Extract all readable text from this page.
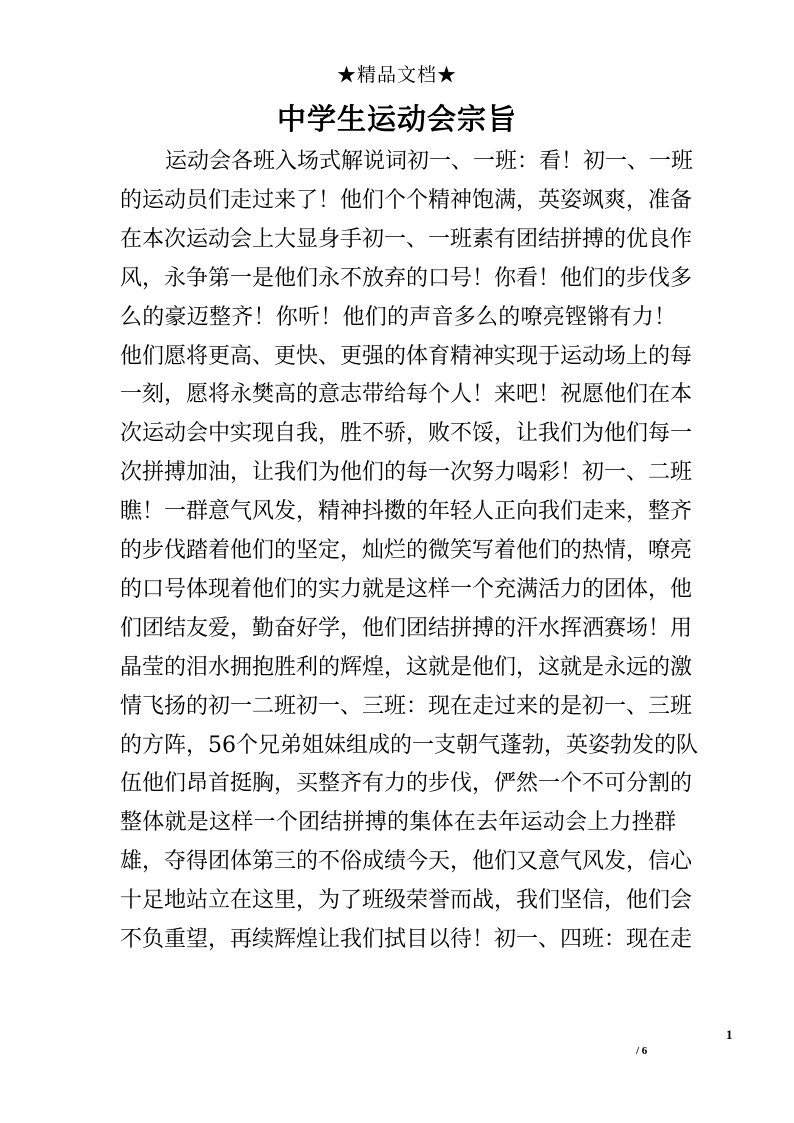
★精品文档★
中学生运动会宗旨
运动会各班入场式解说词初一、一班：看！初一、一班
的运动员们走过来了！他们个个精神饱满，英姿飒爽，准备
在本次运动会上大显身手初一、一班素有团结拼搏的优良作
风，永争第一是他们永不放弃的口号！你看！他们的步伐多
么的豪迈整齐！你听！他们的声音多么的嘹亮铿锵有力！
他们愿将更高、更快、更强的体育精神实现于运动场上的每
一刻，愿将永樊高的意志带给每个人！来吧！祝愿他们在本
次运动会中实现自我，胜不骄，败不馁，让我们为他们每一
次拼搏加油，让我们为他们的每一次努力喝彩！初一、二班
瞧！一群意气风发，精神抖擞的年轻人正向我们走来，整齐
的步伐踏着他们的坚定，灿烂的微笑写着他们的热情，嘹亮
的口号体现着他们的实力就是这样一个充满活力的团体，他
们团结友爱，勤奋好学，他们团结拼搏的汗水挥洒赛场！用
晶莹的泪水拥抱胜利的辉煌，这就是他们，这就是永远的激
情飞扬的初一二班初一、三班：现在走过来的是初一、三班
的方阵，56个兄弟姐妹组成的一支朝气蓬勃，英姿勃发的队
伍他们昂首挺胸，买整齐有力的步伐，俨然一个不可分割的
整体就是这样一个团结拼搏的集体在去年运动会上力挫群
雄，夺得团体第三的不俗成绩今天，他们又意气风发，信心
十足地站立在这里，为了班级荣誉而战，我们坚信，他们会
不负重望，再续辉煌让我们拭目以待！初一、四班：现在走
1
/ 6
